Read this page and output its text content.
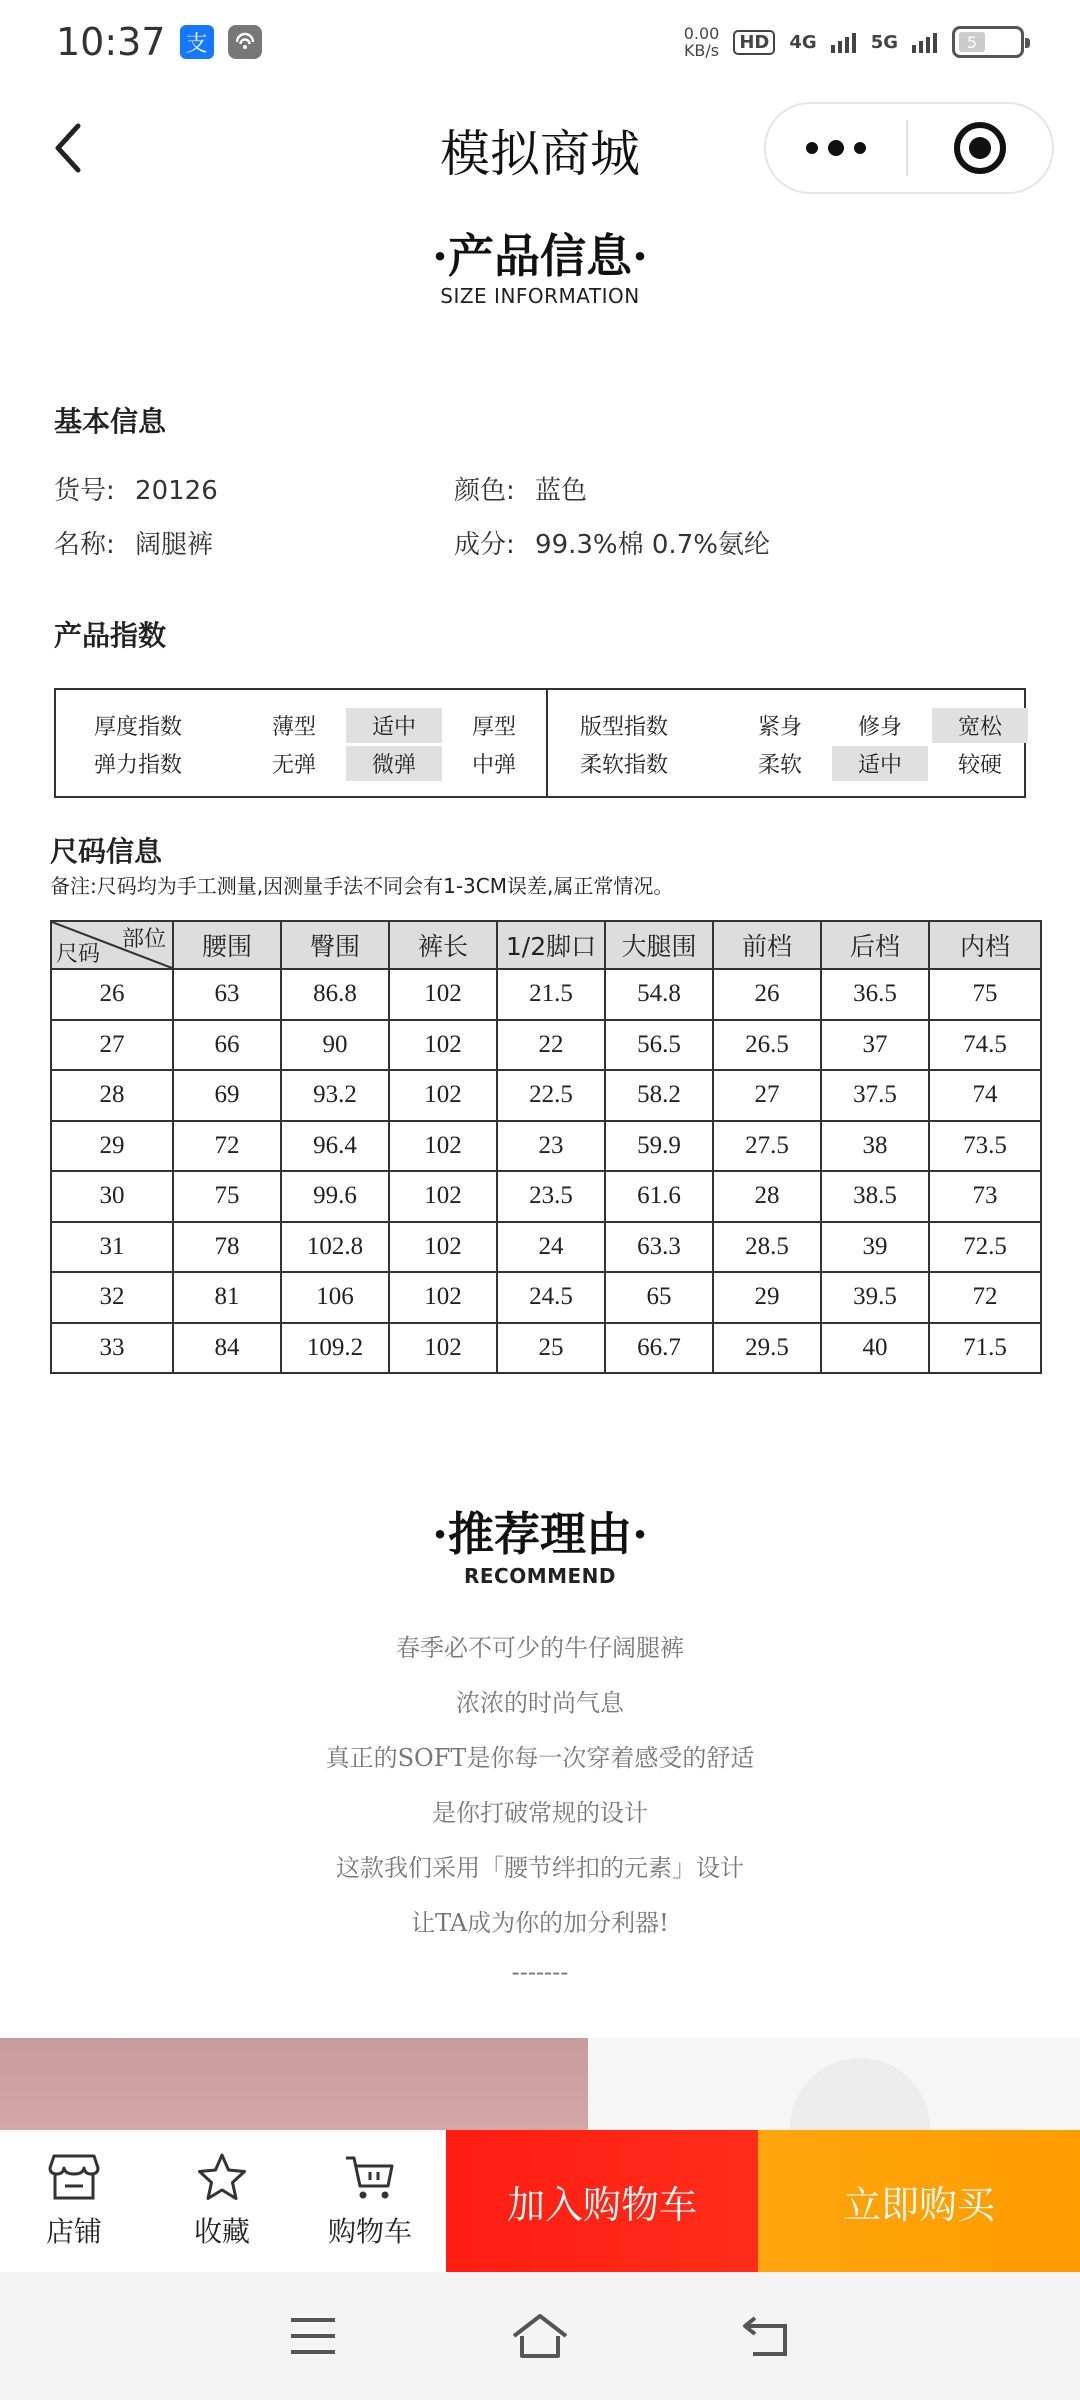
10:37 支	0.00
KB/s	HD	4G	5G	5
模拟商城
·产品信息·
SIZE INFORMATION
基本信息
货号: 20126	颜色: 蓝色
名称: 阔腿裤	成分: 99.3%棉 0.7%氨纶
产品指数
厚度指数	薄型	适中	厚型
弹力指数	无弹	微弹	中弹
版型指数	紧身	修身	宽松
柔软指数	柔软	适中	较硬
尺码信息
备注:尺码均为手工测量,因测量手法不同会有1-3CM误差,属正常情况。
部位
尺码	腰围	臀围	裤长	1/2脚口	大腿围	前档	后档	内档
26	63	86.8	102	21.5	54.8	26	36.5	75
27	66	90	102	22	56.5	26.5	37	74.5
28	69	93.2	102	22.5	58.2	27	37.5	74
29	72	96.4	102	23	59.9	27.5	38	73.5
30	75	99.6	102	23.5	61.6	28	38.5	73
31	78	102.8	102	24	63.3	28.5	39	72.5
32	81	106	102	24.5	65	29	39.5	72
33	84	109.2	102	25	66.7	29.5	40	71.5
·推荐理由·
RECOMMEND
春季必不可少的牛仔阔腿裤
浓浓的时尚气息
真正的SOFT是你每一次穿着感受的舒适
是你打破常规的设计
这款我们采用「腰节绊扣的元素」设计
让TA成为你的加分利器!
-------
店铺	收藏	购物车
加入购物车	立即购买
